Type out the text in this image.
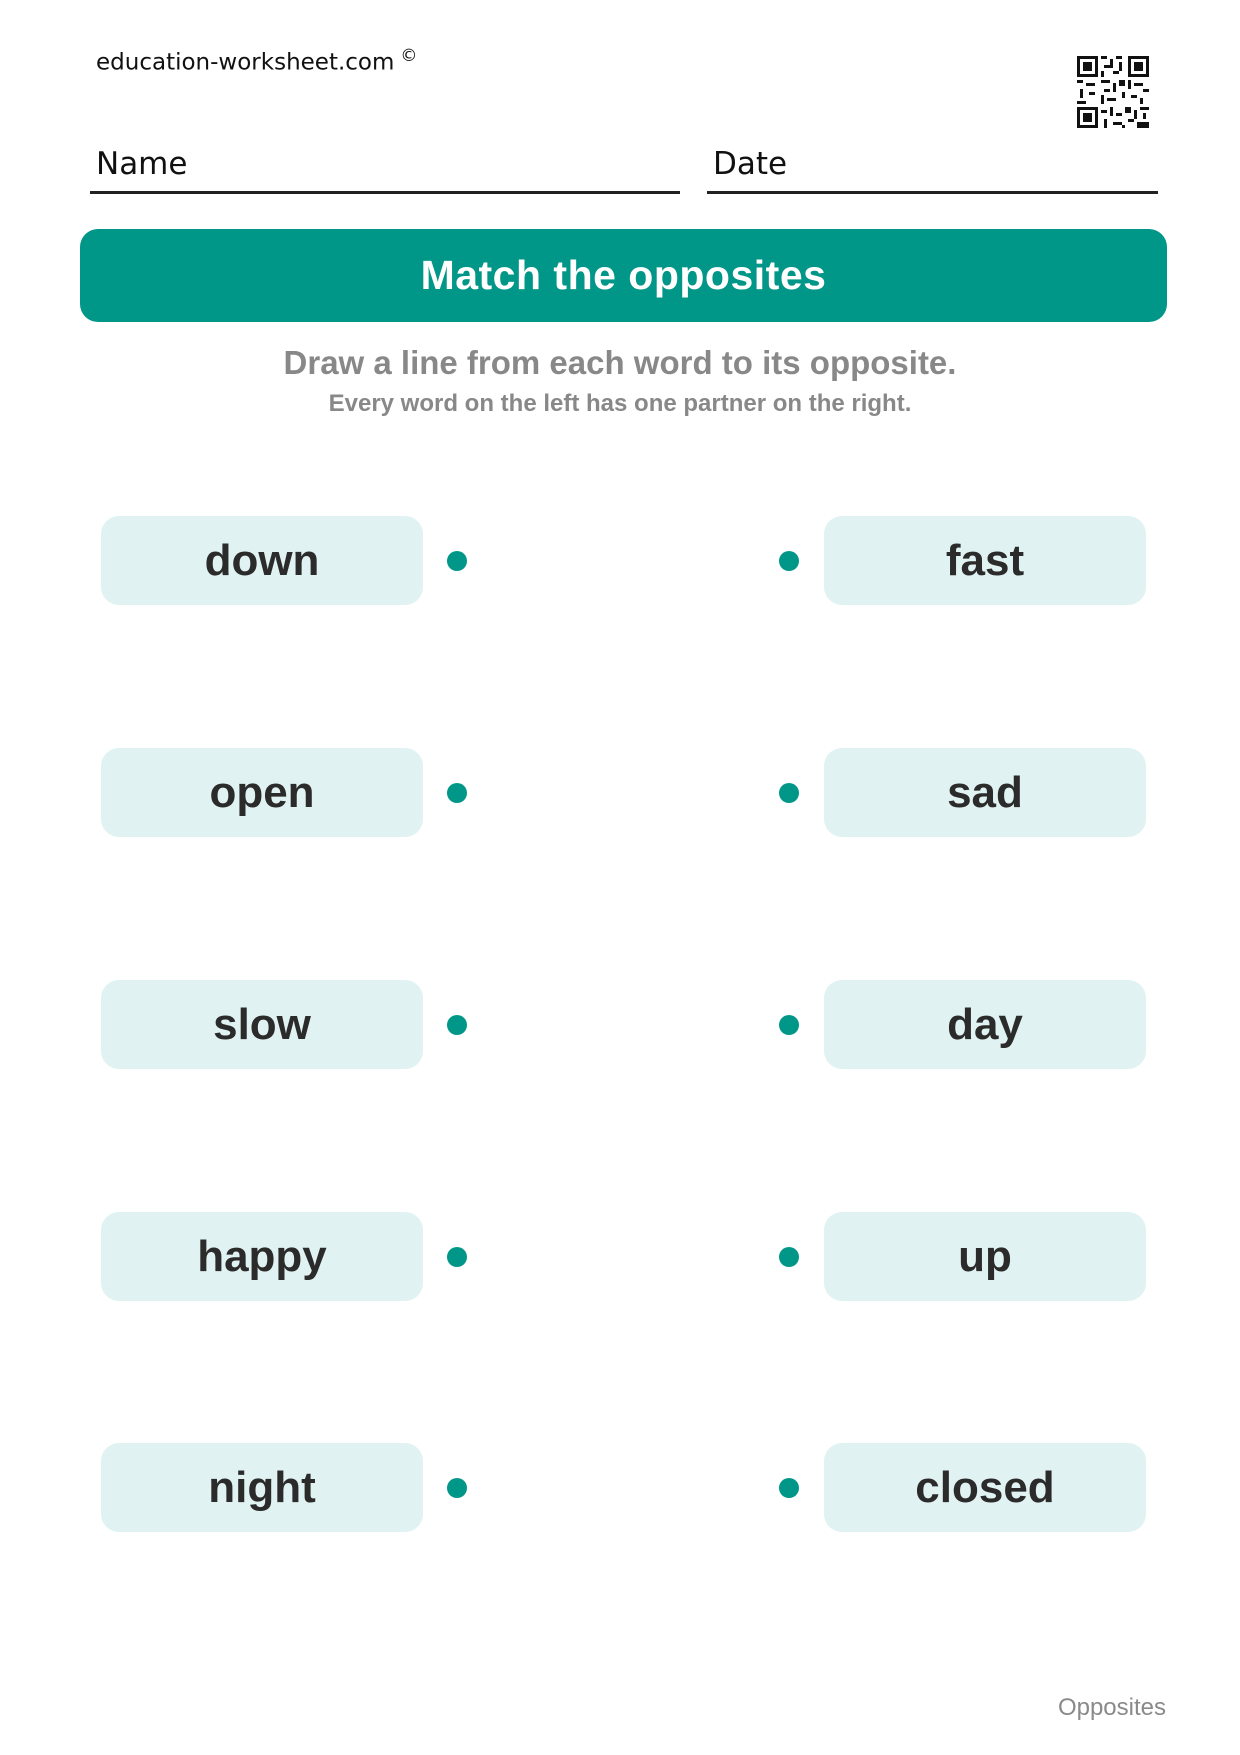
education-worksheet.com ©
Name	Date
Match the opposites
Draw a line from each word to its opposite.
Every word on the left has one partner on the right.
down	fast
open	sad
slow	day
happy	up
night	closed
Opposites
